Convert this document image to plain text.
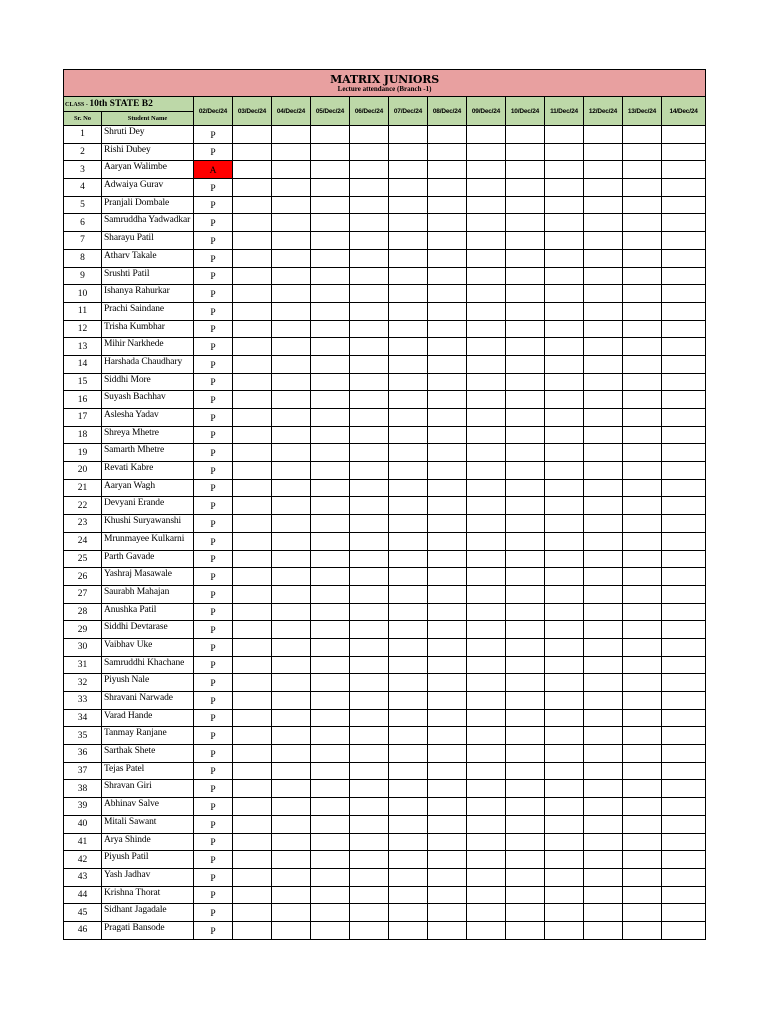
MATRIX JUNIORS
Lecture attendance (Branch -1)														

CLASS - 10th STATE B2		02/Dec/24	03/Dec/24	04/Dec/24	05/Dec/24	06/Dec/24	07/Dec/24	08/Dec/24	09/Dec/24	10/Dec/24	11/Dec/24	12/Dec/24	13/Dec/24	14/Dec/24
Sr. No	Student Name													
1	Shruti Dey	P												
2	Rishi Dubey	P												
3	Aaryan Walimbe	A												
4	Adwaiya Gurav	P												
5	Pranjali Dombale	P												
6	Samruddha Yadwadkar	P												
7	Sharayu Patil	P												
8	Atharv Takale	P												
9	Srushti Patil	P												
10	Ishanya Rahurkar	P												
11	Prachi Saindane	P												
12	Trisha Kumbhar	P												
13	Mihir Narkhede	P												
14	Harshada Chaudhary	P												
15	Siddhi More	P												
16	Suyash Bachhav	P												
17	Aslesha Yadav	P												
18	Shreya Mhetre	P												
19	Samarth Mhetre	P												
20	Revati Kabre	P												
21	Aaryan Wagh	P												
22	Devyani Erande	P												
23	Khushi Suryawanshi	P												
24	Mrunmayee Kulkarni	P												
25	Parth Gavade	P												
26	Yashraj Masawale	P												
27	Saurabh Mahajan	P												
28	Anushka Patil	P												
29	Siddhi Devtarase	P												
30	Vaibhav Uke	P												
31	Samruddhi Khachane	P												
32	Piyush Nale	P												
33	Shravani Narwade	P												
34	Varad Hande	P												
35	Tanmay Ranjane	P												
36	Sarthak Shete	P												
37	Tejas Patel	P												
38	Shravan Giri	P												
39	Abhinav Salve	P												
40	Mitali Sawant	P												
41	Arya Shinde	P												
42	Piyush Patil	P												
43	Yash Jadhav	P												
44	Krishna Thorat	P												
45	Sidhant Jagadale	P												
46	Pragati Bansode	P												
